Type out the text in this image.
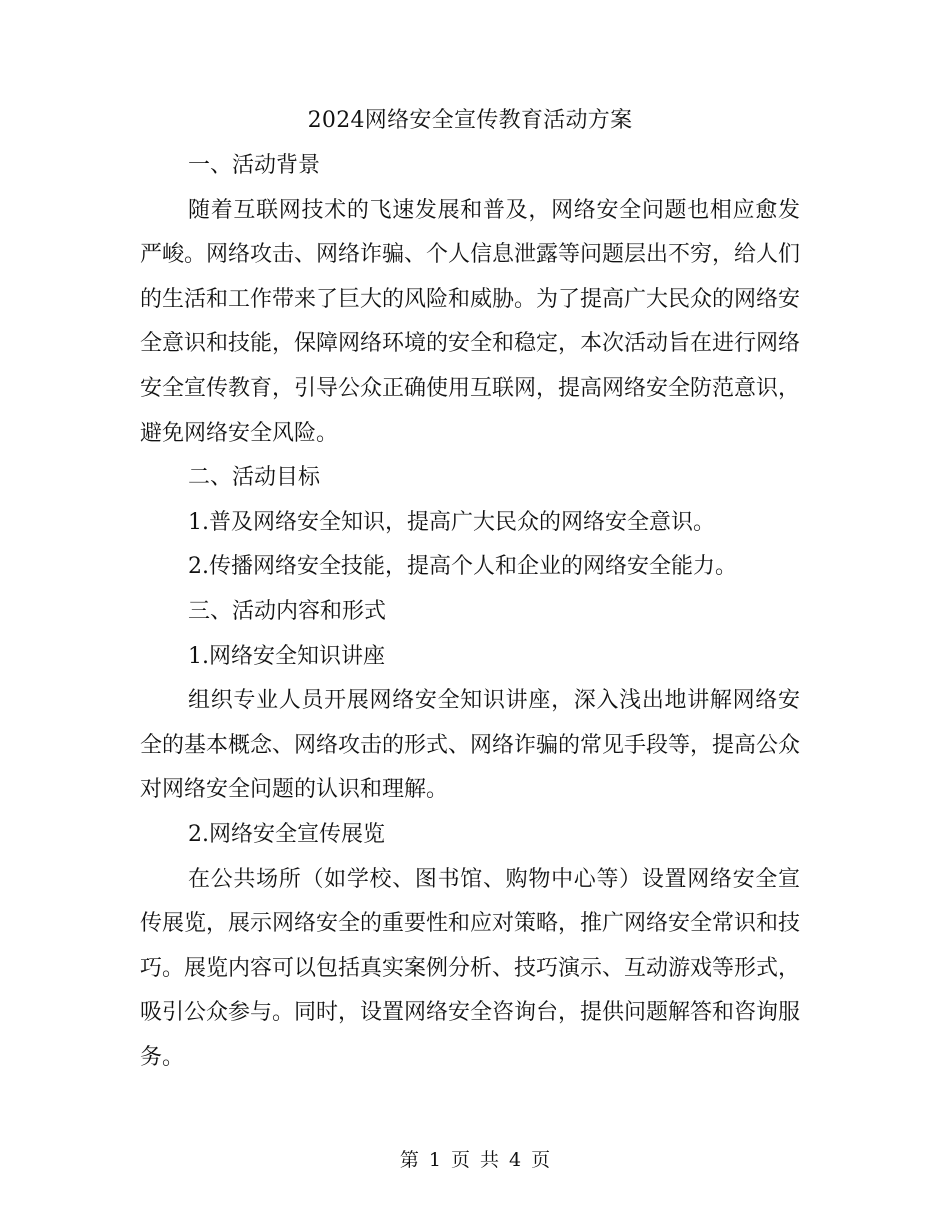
2024网络安全宣传教育活动方案

一、活动背景

随着互联网技术的飞速发展和普及，网络安全问题也相应愈发严峻。网络攻击、网络诈骗、个人信息泄露等问题层出不穷，给人们的生活和工作带来了巨大的风险和威胁。为了提高广大民众的网络安全意识和技能，保障网络环境的安全和稳定，本次活动旨在进行网络安全宣传教育，引导公众正确使用互联网，提高网络安全防范意识，避免网络安全风险。

二、活动目标

1.普及网络安全知识，提高广大民众的网络安全意识。

2.传播网络安全技能，提高个人和企业的网络安全能力。

三、活动内容和形式

1.网络安全知识讲座

组织专业人员开展网络安全知识讲座，深入浅出地讲解网络安全的基本概念、网络攻击的形式、网络诈骗的常见手段等，提高公众对网络安全问题的认识和理解。

2.网络安全宣传展览

在公共场所（如学校、图书馆、购物中心等）设置网络安全宣传展览，展示网络安全的重要性和应对策略，推广网络安全常识和技巧。展览内容可以包括真实案例分析、技巧演示、互动游戏等形式，吸引公众参与。同时，设置网络安全咨询台，提供问题解答和咨询服务。

第 1 页 共 4 页
